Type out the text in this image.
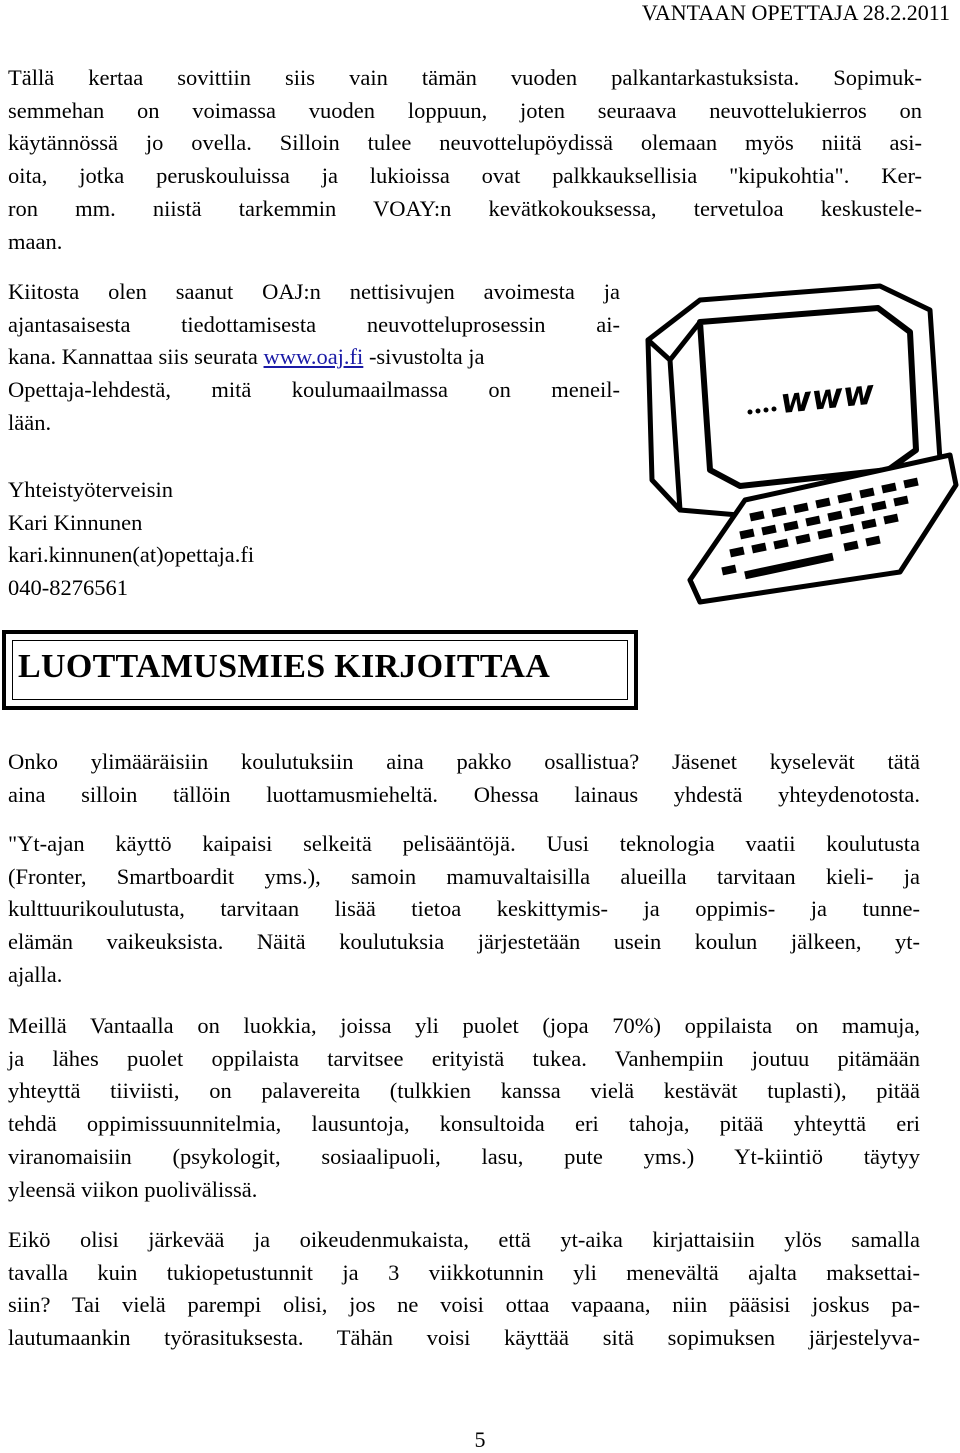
VANTAAN OPETTAJA 28.2.2011
Tällä kertaa sovittiin siis vain tämän vuoden palkantarkastuksista. Sopimuk-
semmehan on voimassa vuoden loppuun, joten seuraava neuvottelukierros on
käytännössä jo ovella. Silloin tulee neuvottelupöydissä olemaan myös niitä asi-
oita, jotka peruskouluissa ja lukioissa ovat palkkauksellisia "kipukohtia". Ker-
ron mm. niistä tarkemmin VOAY:n kevätkokouksessa, tervetuloa keskustele-
maan.
Kiitosta olen saanut OAJ:n nettisivujen avoimesta ja
ajantasaisesta tiedottamisesta neuvotteluprosessin ai-
kana. Kannattaa siis seurata www.oaj.fi -sivustolta ja
Opettaja-lehdestä, mitä koulumaailmassa on meneil-
lään.
Yhteistyöterveisin
Kari Kinnunen
kari.kinnunen(at)opettaja.fi
040-8276561
www
LUOTTAMUSMIES KIRJOITTAA
Onko ylimääräisiin koulutuksiin aina pakko osallistua? Jäsenet kyselevät tätä
aina silloin tällöin luottamusmieheltä. Ohessa lainaus yhdestä yhteydenotosta.
"Yt-ajan käyttö kaipaisi selkeitä pelisääntöjä. Uusi teknologia vaatii koulutusta
(Fronter, Smartboardit yms.), samoin mamuvaltaisilla alueilla tarvitaan kieli- ja
kulttuurikoulutusta, tarvitaan lisää tietoa keskittymis- ja oppimis- ja tunne-
elämän vaikeuksista. Näitä koulutuksia järjestetään usein koulun jälkeen, yt-
ajalla.
Meillä Vantaalla on luokkia, joissa yli puolet (jopa 70%) oppilaista on mamuja,
ja lähes puolet oppilaista tarvitsee erityistä tukea. Vanhempiin joutuu pitämään
yhteyttä tiiviisti, on palavereita (tulkkien kanssa vielä kestävät tuplasti), pitää
tehdä oppimissuunnitelmia, lausuntoja, konsultoida eri tahoja, pitää yhteyttä eri
viranomaisiin (psykologit, sosiaalipuoli, lasu, pute yms.) Yt-kiintiö täytyy
yleensä viikon puolivälissä.
Eikö olisi järkevää ja oikeudenmukaista, että yt-aika kirjattaisiin ylös samalla
tavalla kuin tukiopetustunnit ja 3 viikkotunnin yli menevältä ajalta maksettai-
siin? Tai vielä parempi olisi, jos ne voisi ottaa vapaana, niin pääsisi joskus pa-
lautumaankin työrasituksesta. Tähän voisi käyttää sitä sopimuksen järjestelyva-
5
